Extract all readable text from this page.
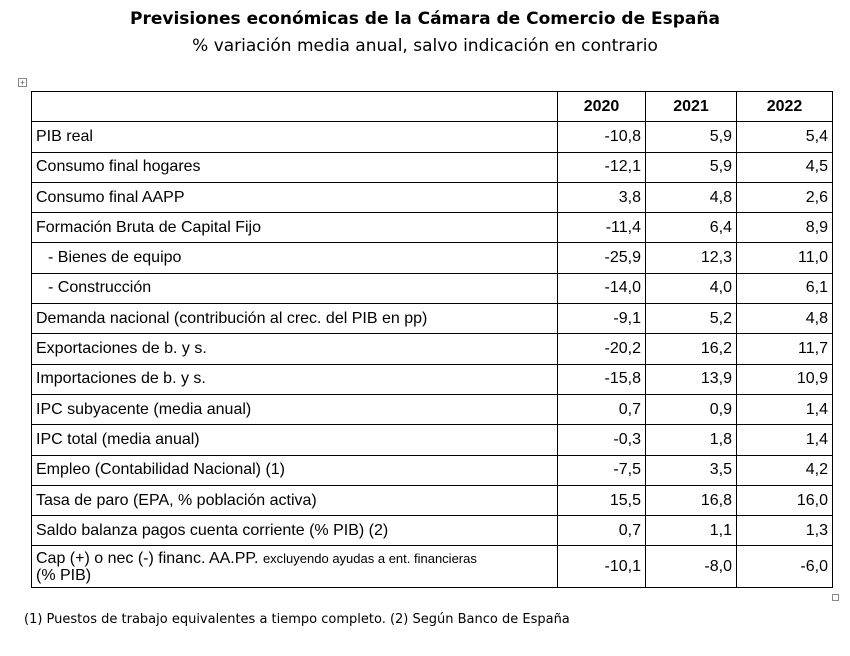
Previsiones económicas de la Cámara de Comercio de España
% variación media anual, salvo indicación en contrario
+
	2020	2021	2022
PIB real	-10,8	5,9	5,4
Consumo final hogares	-12,1	5,9	4,5
Consumo final AAPP	3,8	4,8	2,6
Formación Bruta de Capital Fijo	-11,4	6,4	8,9
- Bienes de equipo	-25,9	12,3	11,0
- Construcción	-14,0	4,0	6,1
Demanda nacional (contribución al crec. del PIB en pp)	-9,1	5,2	4,8
Exportaciones de b. y s.	-20,2	16,2	11,7
Importaciones de b. y s.	-15,8	13,9	10,9
IPC subyacente (media anual)	0,7	0,9	1,4
IPC total (media anual)	-0,3	1,8	1,4
Empleo (Contabilidad Nacional) (1)	-7,5	3,5	4,2
Tasa de paro (EPA, % población activa)	15,5	16,8	16,0
Saldo balanza pagos cuenta corriente (% PIB) (2)	0,7	1,1	1,3
Cap (+) o nec (-) financ. AA.PP. excluyendo ayudas a ent. financieras
(% PIB)	-10,1	-8,0	-6,0
(1) Puestos de trabajo equivalentes a tiempo completo. (2) Según Banco de España
